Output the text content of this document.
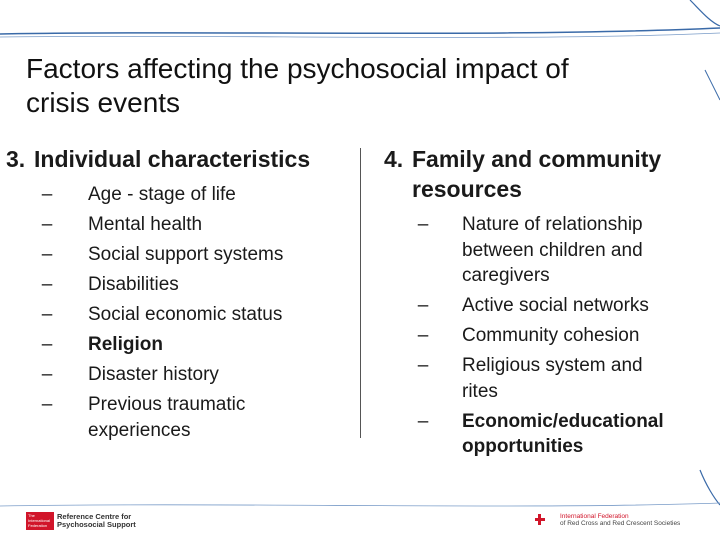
Factors affecting the psychosocial impact of crisis events
3. Individual characteristics
–	Age - stage of life
–	Mental health
–	Social support systems
–	Disabilities
–	Social economic status
–	Religion
–	Disaster history
–	Previous traumatic experiences
4. Family and community resources
–	Nature of relationship between children and caregivers
–	Active social networks
–	Community cohesion
–	Religious system and rites
–	Economic/educational opportunities
The International Federation
Reference Centre for
Psychosocial Support
International Federation
of Red Cross and Red Crescent Societies
